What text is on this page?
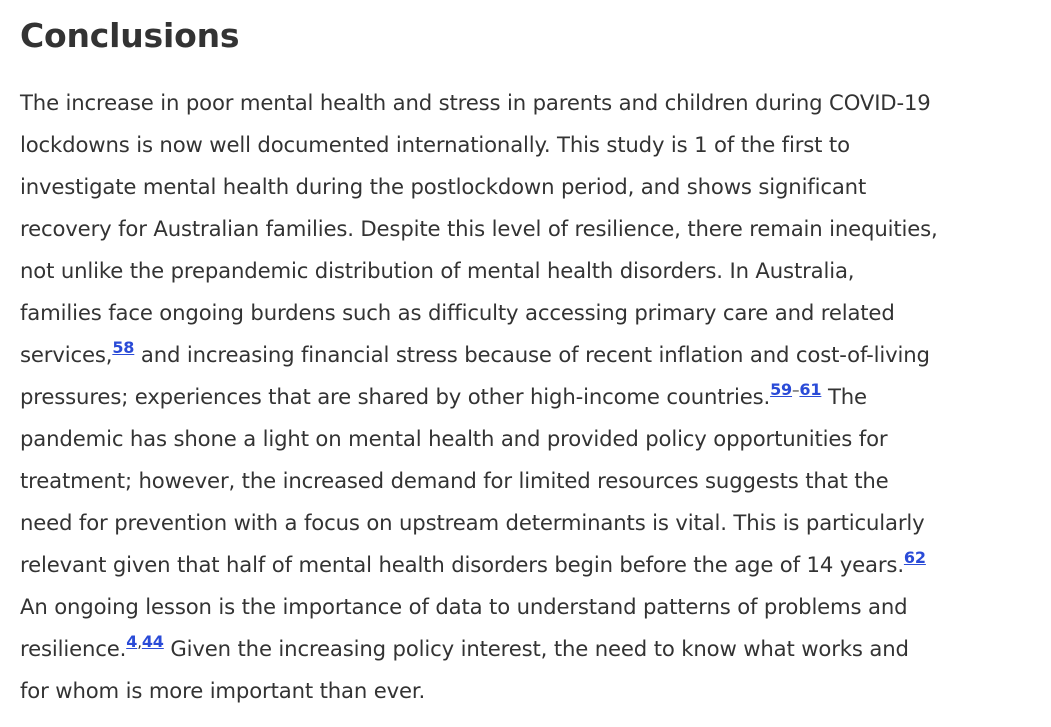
Conclusions

The increase in poor mental health and stress in parents and children during COVID-19
lockdowns is now well documented internationally. This study is 1 of the first to
investigate mental health during the postlockdown period, and shows significant
recovery for Australian families. Despite this level of resilience, there remain inequities,
not unlike the prepandemic distribution of mental health disorders. In Australia,
families face ongoing burdens such as difficulty accessing primary care and related
services,$^{58}$ and increasing financial stress because of recent inflation and cost-of-living
pressures; experiences that are shared by other high-income countries.$^{59-61}$ The
pandemic has shone a light on mental health and provided policy opportunities for
treatment; however, the increased demand for limited resources suggests that the
need for prevention with a focus on upstream determinants is vital. This is particularly
relevant given that half of mental health disorders begin before the age of 14 years.$^{62}$
An ongoing lesson is the importance of data to understand patterns of problems and
resilience.$^{4,44}$ Given the increasing policy interest, the need to know what works and
for whom is more important than ever.
